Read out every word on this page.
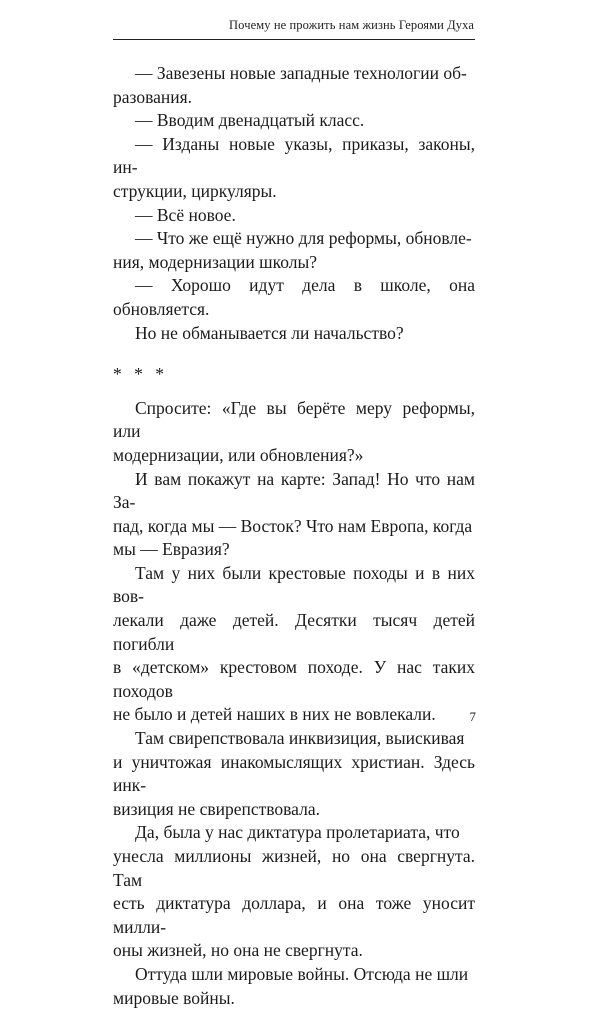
Почему не прожить нам жизнь Героями Духа

— Завезены новые западные технологии об-
разования.

— Вводим двенадцатый класс.

— Изданы новые указы, приказы, законы, ин-
струкции, циркуляры.

— Всё новое.

— Что же ещё нужно для реформы, обновле-
ния, модернизации школы?

— Хорошо идут дела в школе, она обновляется.

Но не обманывается ли начальство?

* * *

Спросите: «Где вы берёте меру реформы, или
модернизации, или обновления?»

И вам покажут на карте: Запад! Но что нам За-
пад, когда мы — Восток? Что нам Европа, когда
мы — Евразия?

Там у них были крестовые походы и в них вов-
лекали даже детей. Десятки тысяч детей погибли
в «детском» крестовом походе. У нас таких походов
не было и детей наших в них не вовлекали.

Там свирепствовала инквизиция, выискивая
и уничтожая инакомыслящих христиан. Здесь инк-
визиция не свирепствовала.

Да, была у нас диктатура пролетариата, что
унесла миллионы жизней, но она свергнута. Там
есть диктатура доллара, и она тоже уносит милли-
оны жизней, но она не свергнута.

Оттуда шли мировые войны. Отсюда не шли
мировые войны.

7
